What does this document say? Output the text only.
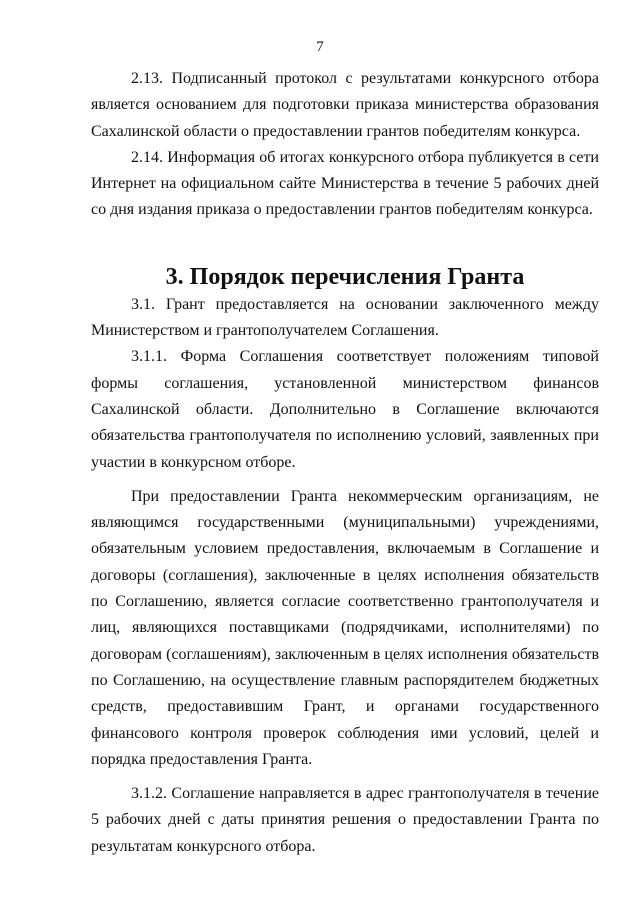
7

2.13. Подписанный протокол с результатами конкурсного отбора является основанием для подготовки приказа министерства образования Сахалинской области о предоставлении грантов победителям конкурса.

2.14. Информация об итогах конкурсного отбора публикуется в сети Интернет на официальном сайте Министерства в течение 5 рабочих дней со дня издания приказа о предоставлении грантов победителям конкурса.

3. Порядок перечисления Гранта

3.1. Грант предоставляется на основании заключенного между Министерством и грантополучателем Соглашения.

3.1.1. Форма Соглашения соответствует положениям типовой формы соглашения, установленной министерством финансов Сахалинской области. Дополнительно в Соглашение включаются обязательства грантополучателя по исполнению условий, заявленных при участии в конкурсном отборе.

При предоставлении Гранта некоммерческим организациям, не являющимся государственными (муниципальными) учреждениями, обязательным условием предоставления, включаемым в Соглашение и договоры (соглашения), заключенные в целях исполнения обязательств по Соглашению, является согласие соответственно грантополучателя и лиц, являющихся поставщиками (подрядчиками, исполнителями) по договорам (соглашениям), заключенным в целях исполнения обязательств по Соглашению, на осуществление главным распорядителем бюджетных средств, предоставившим Грант, и органами государственного финансового контроля проверок соблюдения ими условий, целей и порядка предоставления Гранта.

3.1.2. Соглашение направляется в адрес грантополучателя в течение 5 рабочих дней с даты принятия решения о предоставлении Гранта по результатам конкурсного отбора.
